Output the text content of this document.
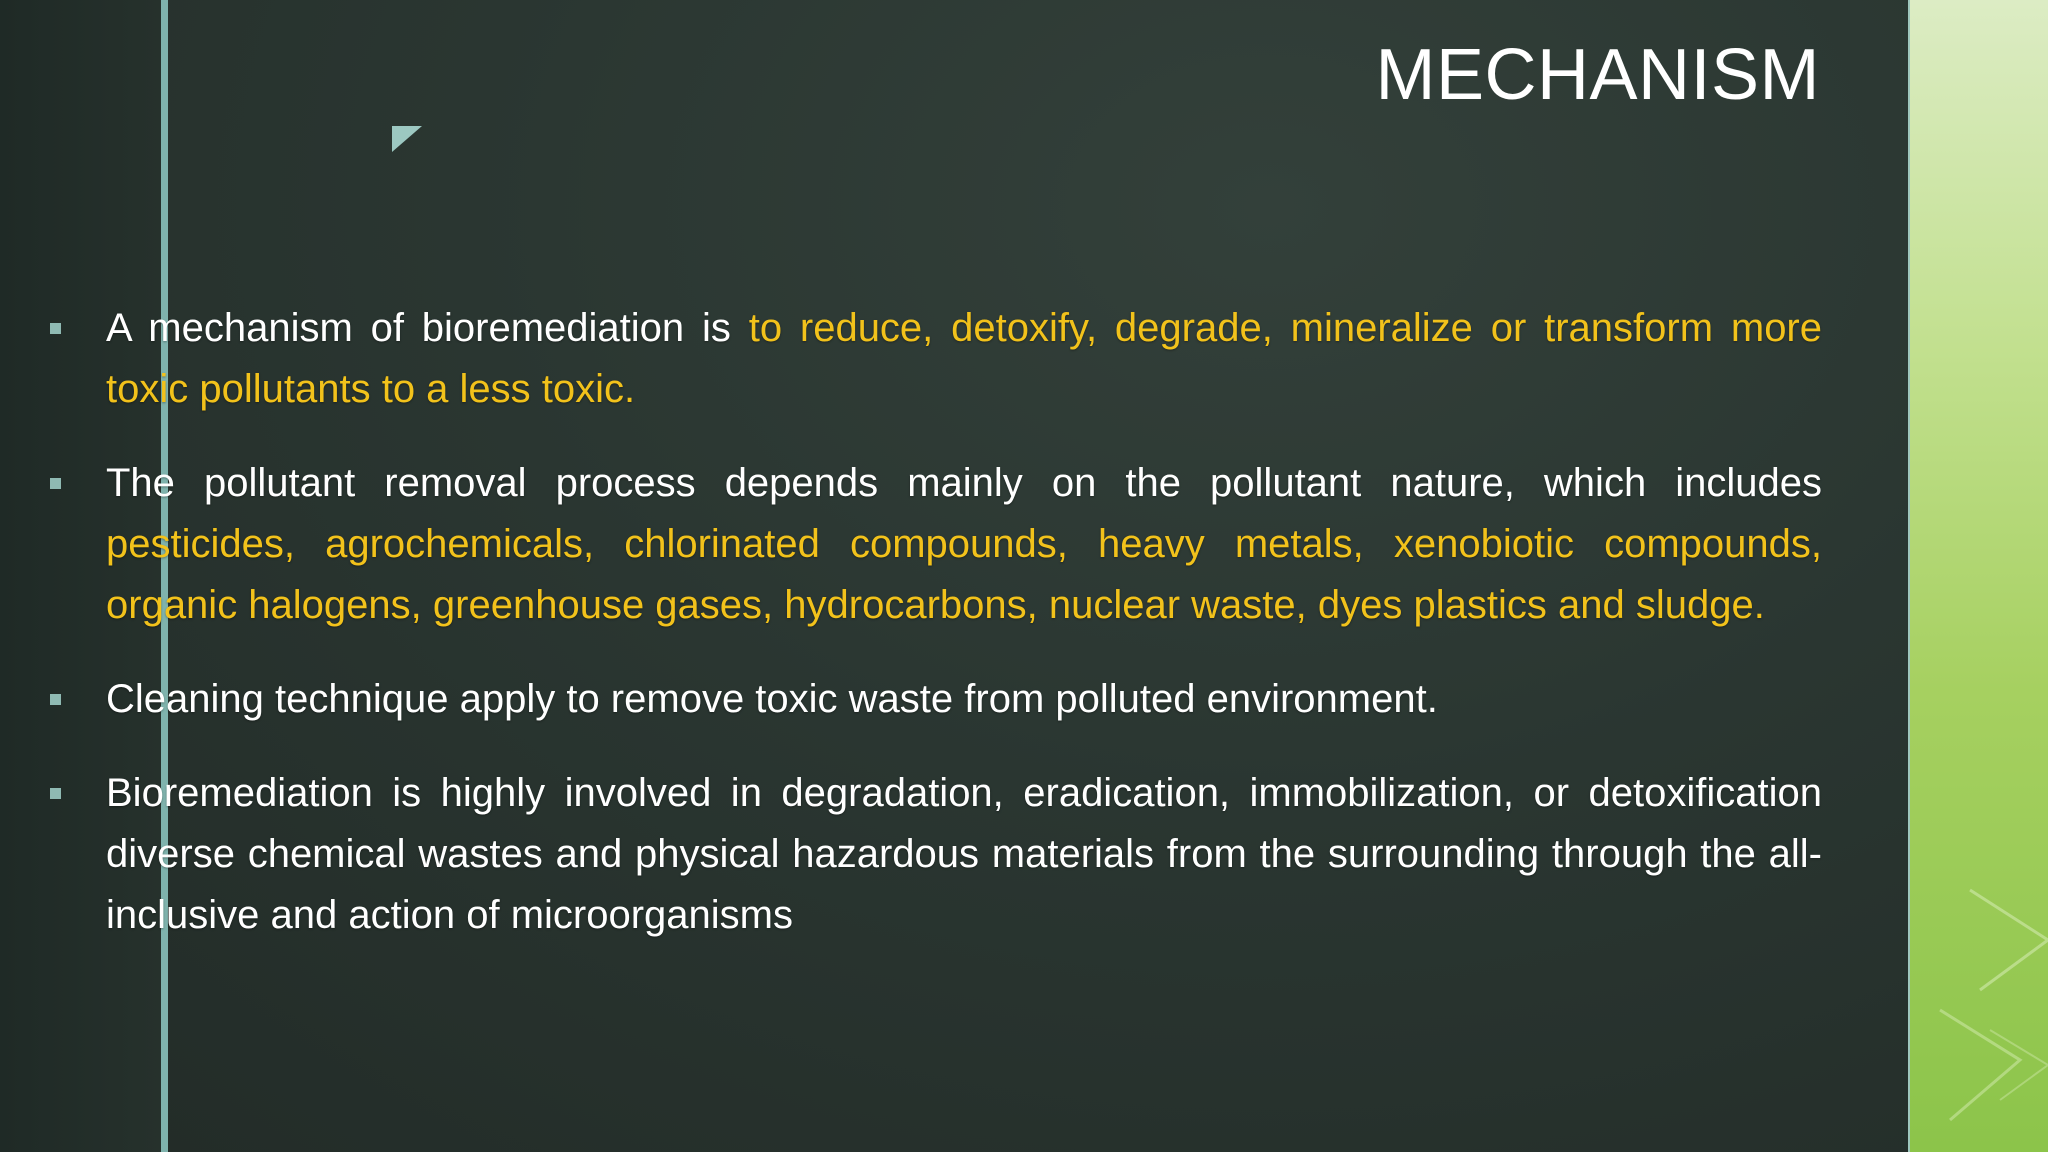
MECHANISM
A mechanism of bioremediation is to reduce, detoxify, degrade, mineralize or transform more toxic pollutants to a less toxic.
The pollutant removal process depends mainly on the pollutant nature, which includes pesticides, agrochemicals, chlorinated compounds, heavy metals, xenobiotic compounds, organic halogens, greenhouse gases, hydrocarbons, nuclear waste, dyes plastics and sludge.
Cleaning technique apply to remove toxic waste from polluted environment.
Bioremediation is highly involved in degradation, eradication, immobilization, or detoxification diverse chemical wastes and physical hazardous materials from the surrounding through the all-inclusive and action of microorganisms
